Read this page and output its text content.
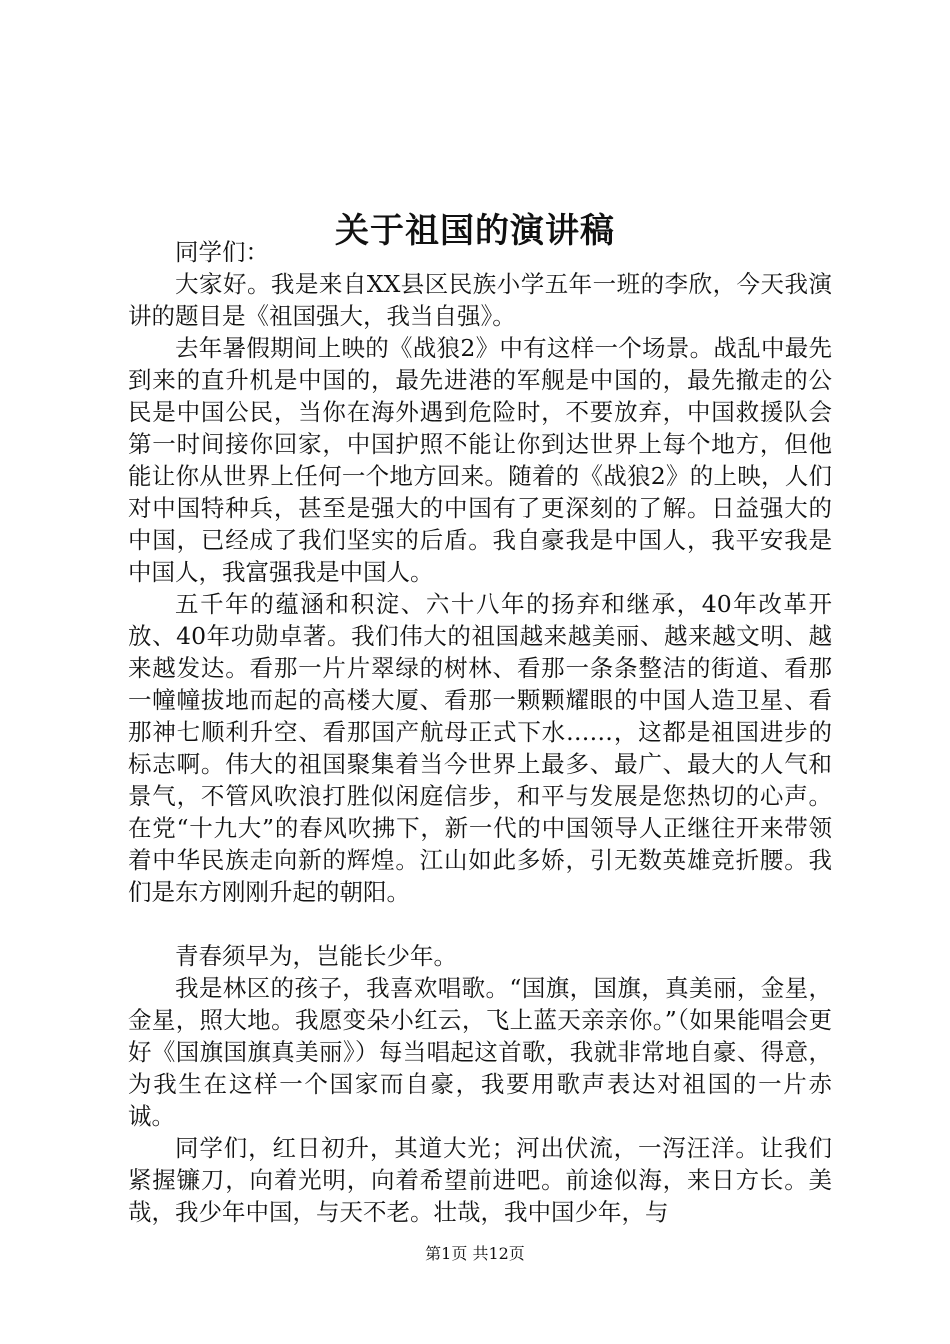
关于祖国的演讲稿

同学们：

大家好。我是来自XX县区民族小学五年一班的李欣，今天我演讲的题目是《祖国强大，我当自强》。

去年暑假期间上映的《战狼2》中有这样一个场景。战乱中最先到来的直升机是中国的，最先进港的军舰是中国的，最先撤走的公民是中国公民，当你在海外遇到危险时，不要放弃，中国救援队会第一时间接你回家，中国护照不能让你到达世界上每个地方，但他能让你从世界上任何一个地方回来。随着的《战狼2》的上映，人们对中国特种兵，甚至是强大的中国有了更深刻的了解。日益强大的中国，已经成了我们坚实的后盾。我自豪我是中国人，我平安我是中国人，我富强我是中国人。

五千年的蕴涵和积淀、六十八年的扬弃和继承，40年改革开放、40年功勋卓著。我们伟大的祖国越来越美丽、越来越文明、越来越发达。看那一片片翠绿的树林、看那一条条整洁的街道、看那一幢幢拔地而起的高楼大厦、看那一颗颗耀眼的中国人造卫星、看那神七顺利升空、看那国产航母正式下水……，这都是祖国进步的标志啊。伟大的祖国聚集着当今世界上最多、最广、最大的人气和景气，不管风吹浪打胜似闲庭信步，和平与发展是您热切的心声。在党“十九大”的春风吹拂下，新一代的中国领导人正继往开来带领着中华民族走向新的辉煌。江山如此多娇，引无数英雄竞折腰。我们是东方刚刚升起的朝阳。

青春须早为，岂能长少年。

我是林区的孩子，我喜欢唱歌。“国旗，国旗，真美丽，金星，金星，照大地。我愿变朵小红云，飞上蓝天亲亲你。”（如果能唱会更好《国旗国旗真美丽》）每当唱起这首歌，我就非常地自豪、得意，为我生在这样一个国家而自豪，我要用歌声表达对祖国的一片赤诚。

同学们，红日初升，其道大光；河出伏流，一泻汪洋。让我们紧握镰刀，向着光明，向着希望前进吧。前途似海，来日方长。美哉，我少年中国，与天不老。壮哉，我中国少年，与

第1页 共12页
